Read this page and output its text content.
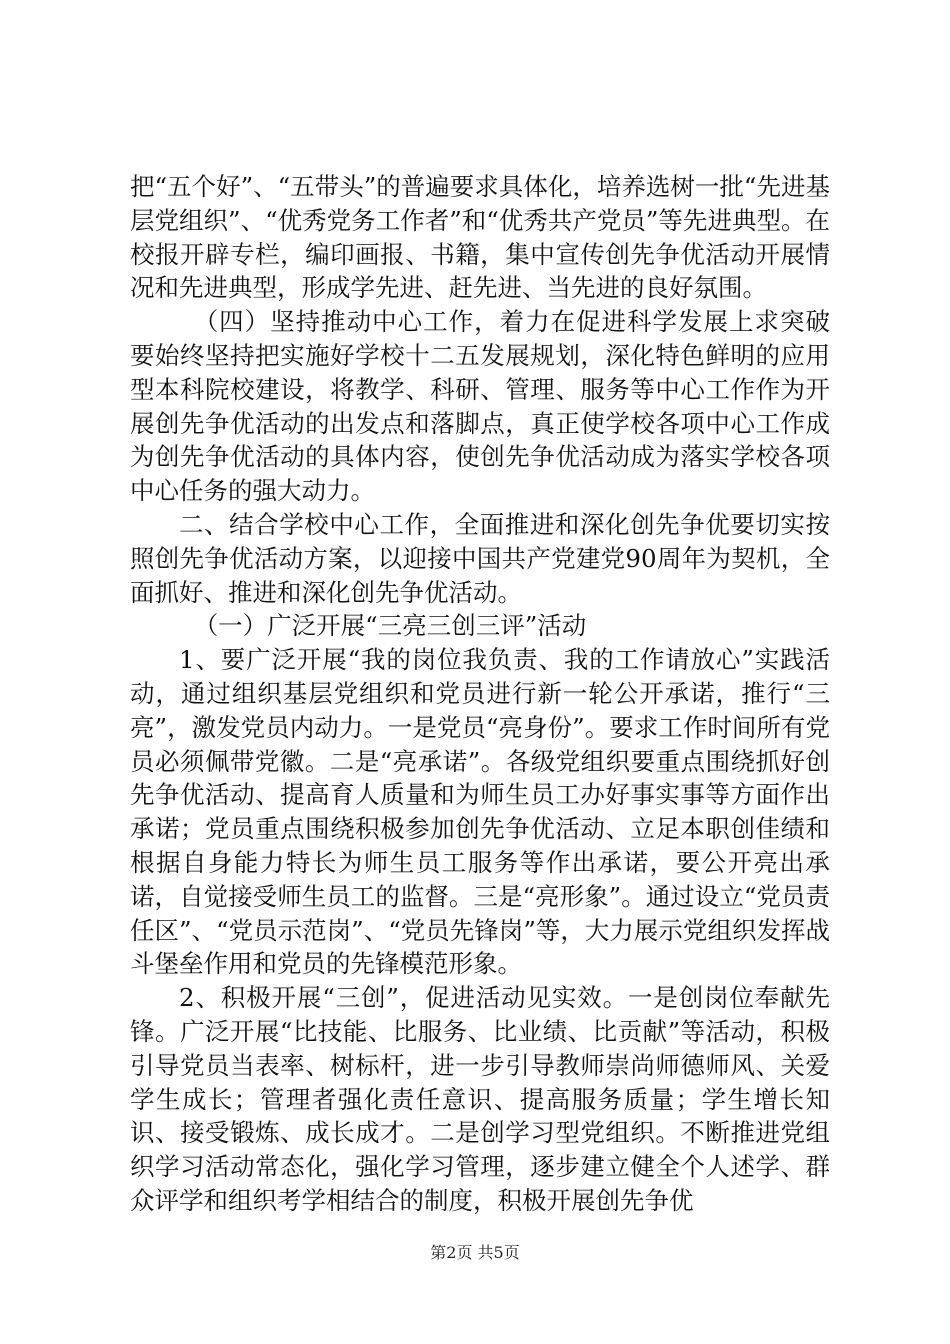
把“五个好”、“五带头”的普遍要求具体化，培养选树一批“先进基层党组织”、“优秀党务工作者”和“优秀共产党员”等先进典型。在校报开辟专栏，编印画报、书籍，集中宣传创先争优活动开展情况和先进典型，形成学先进、赶先进、当先进的良好氛围。

（四）坚持推动中心工作，着力在促进科学发展上求突破要始终坚持把实施好学校十二五发展规划，深化特色鲜明的应用型本科院校建设，将教学、科研、管理、服务等中心工作作为开展创先争优活动的出发点和落脚点，真正使学校各项中心工作成为创先争优活动的具体内容，使创先争优活动成为落实学校各项中心任务的强大动力。

二、结合学校中心工作，全面推进和深化创先争优要切实按照创先争优活动方案，以迎接中国共产党建党90周年为契机，全面抓好、推进和深化创先争优活动。

（一）广泛开展“三亮三创三评”活动

1、要广泛开展“我的岗位我负责、我的工作请放心”实践活动，通过组织基层党组织和党员进行新一轮公开承诺，推行“三亮”，激发党员内动力。一是党员“亮身份”。要求工作时间所有党员必须佩带党徽。二是“亮承诺”。各级党组织要重点围绕抓好创先争优活动、提高育人质量和为师生员工办好事实事等方面作出承诺；党员重点围绕积极参加创先争优活动、立足本职创佳绩和根据自身能力特长为师生员工服务等作出承诺，要公开亮出承诺，自觉接受师生员工的监督。三是“亮形象”。通过设立“党员责任区”、“党员示范岗”、“党员先锋岗”等，大力展示党组织发挥战斗堡垒作用和党员的先锋模范形象。

2、积极开展“三创”，促进活动见实效。一是创岗位奉献先锋。广泛开展“比技能、比服务、比业绩、比贡献”等活动，积极引导党员当表率、树标杆，进一步引导教师崇尚师德师风、关爱学生成长；管理者强化责任意识、提高服务质量；学生增长知识、接受锻炼、成长成才。二是创学习型党组织。不断推进党组织学习活动常态化，强化学习管理，逐步建立健全个人述学、群众评学和组织考学相结合的制度，积极开展创先争优

第2页 共5页
